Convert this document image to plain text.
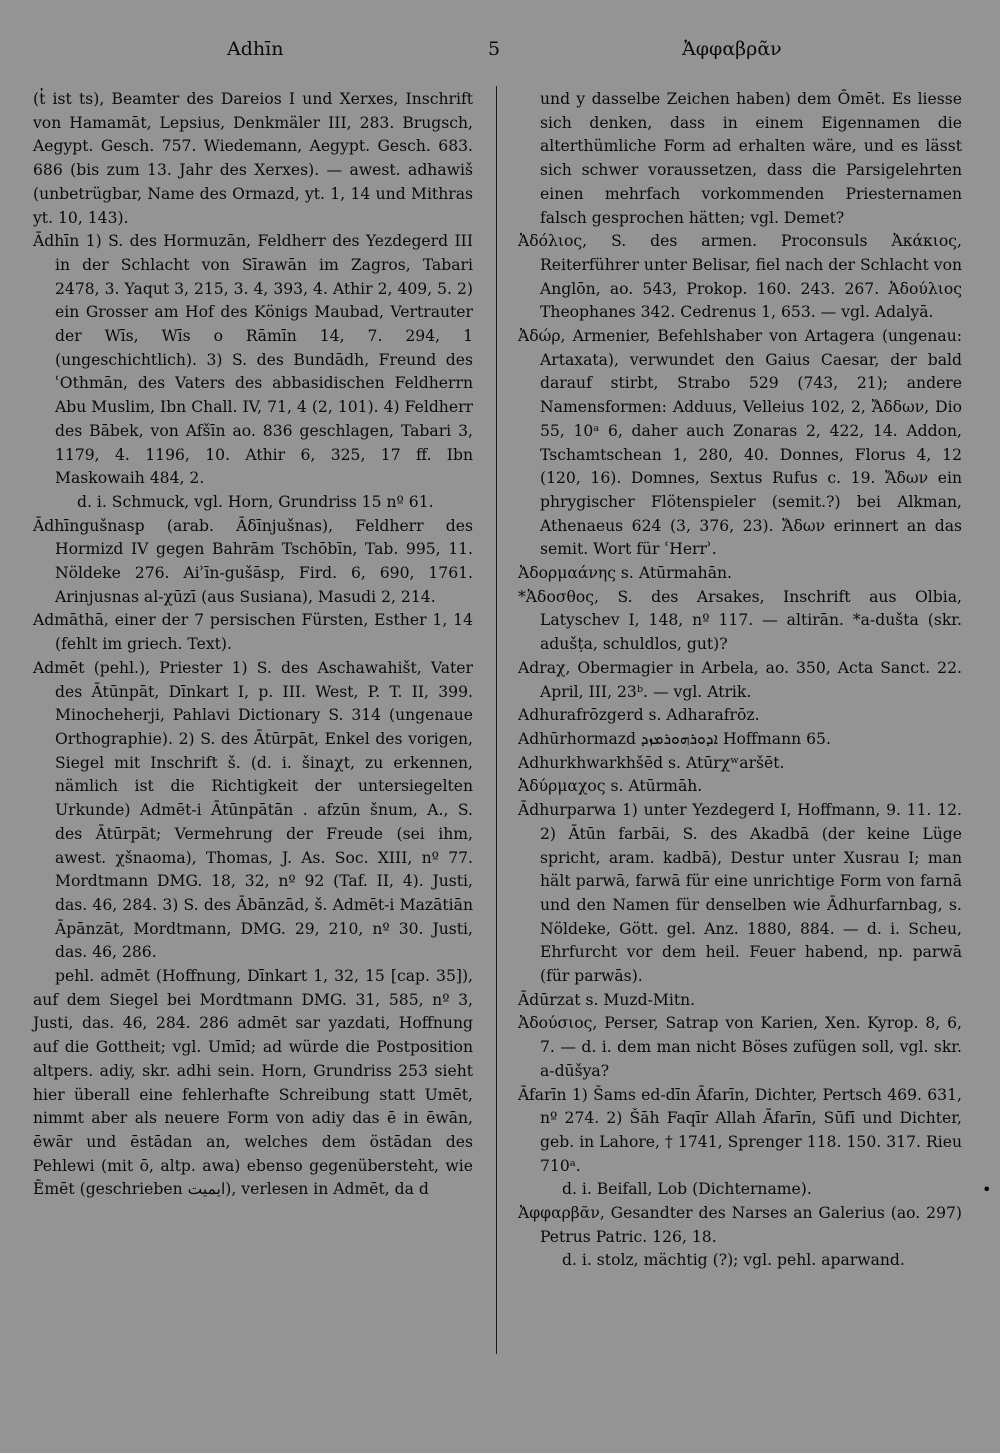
Adhīn	5	Ἀφφαβρᾶν

(t̓ ist ts), Beamter des Dareios I und Xerxes, Inschrift von Hamamāt, Lepsius, Denkmäler III, 283. Brugsch, Aegypt. Gesch. 757. Wiedemann, Aegypt. Gesch. 683. 686 (bis zum 13. Jahr des Xerxes). — awest. adhawiš (unbetrügbar, Name des Ormazd, yt. 1, 14 und Mithras yt. 10, 143).

Ādhīn 1) S. des Hormuzān, Feldherr des Yezdegerd III in der Schlacht von Sīrawān im Zagros, Tabari 2478, 3. Yaqut 3, 215, 3. 4, 393, 4. Athir 2, 409, 5. 2) ein Grosser am Hof des Königs Maubad, Vertrauter der Wīs, Wīs o Rāmīn 14, 7. 294, 1 (ungeschichtlich). 3) S. des Bundādh, Freund des ʿOthmān, des Vaters des abbasidischen Feldherrn Abu Muslim, Ibn Chall. IV, 71, 4 (2, 101). 4) Feldherr des Bābek, von Afšīn ao. 836 geschlagen, Tabari 3, 1179, 4. 1196, 10. Athir 6, 325, 17 ff. Ibn Maskowaih 484, 2.

d. i. Schmuck, vgl. Horn, Grundriss 15 nº 61.

Ādhīngušnasp (arab. Āδīnjušnas), Feldherr des Hormizd IV gegen Bahrām Tschōbīn, Tab. 995, 11. Nöldeke 276. Aiʾīn-gušāsp, Fird. 6, 690, 1761. Arinjusnas al-χūzī (aus Susiana), Masudi 2, 214.

Admāthā, einer der 7 persischen Fürsten, Esther 1, 14 (fehlt im griech. Text).

Admēt (pehl.), Priester 1) S. des Aschawahišt, Vater des Ātūnpāt, Dīnkart I, p. III. West, P. T. II, 399. Minocheherji, Pahlavi Dictionary S. 314 (ungenaue Orthographie). 2) S. des Ātūrpāt, Enkel des vorigen, Siegel mit Inschrift š. (d. i. šinaχt, zu erkennen, nämlich ist die Richtigkeit der untersiegelten Urkunde) Admēt-i Ātūnpātān . afzūn šnum, A., S. des Ātūrpāt; Vermehrung der Freude (sei ihm, awest. χšnaoma), Thomas, J. As. Soc. XIII, nº 77. Mordtmann DMG. 18, 32, nº 92 (Taf. II, 4). Justi, das. 46, 284. 3) S. des Ābānzād, š. Admēt-i Mazātiān Āpānzāt, Mordtmann, DMG. 29, 210, nº 30. Justi, das. 46, 286.

pehl. admēt (Hoffnung, Dīnkart 1, 32, 15 [cap. 35]), auf dem Siegel bei Mordtmann DMG. 31, 585, nº 3, Justi, das. 46, 284. 286 admēt sar yazdati, Hoffnung auf die Gottheit; vgl. Umīd; ad würde die Postposition altpers. adiy, skr. adhi sein. Horn, Grundriss 253 sieht hier überall eine fehlerhafte Schreibung statt Umēt, nimmt aber als neuere Form von adiy das ē in ēwān, ēwār und ēstādan an, welches dem östādan des Pehlewi (mit ō, altp. awa) ebenso gegenübersteht, wie Ēmēt (geschrieben ایمیت), verlesen in Admēt, da d

und y dasselbe Zeichen haben) dem Ōmēt. Es liesse sich denken, dass in einem Eigennamen die alterthümliche Form ad erhalten wäre, und es lässt sich schwer voraussetzen, dass die Parsigelehrten einen mehrfach vorkommenden Priesternamen falsch gesprochen hätten; vgl. Demet?

Ἀδόλιος, S. des armen. Proconsuls Ἀκάκιος, Reiterführer unter Belisar, fiel nach der Schlacht von Anglōn, ao. 543, Prokop. 160. 243. 267. Ἀδούλιος Theophanes 342. Cedrenus 1, 653. — vgl. Adalyā.

Ἀδώρ, Armenier, Befehlshaber von Artagera (ungenau: Artaxata), verwundet den Gaius Caesar, der bald darauf stirbt, Strabo 529 (743, 21); andere Namensformen: Adduus, Velleius 102, 2, Ἄδδων, Dio 55, 10ᵃ 6, daher auch Zonaras 2, 422, 14. Addon, Tschamtschean 1, 280, 40. Donnes, Florus 4, 12 (120, 16). Domnes, Sextus Rufus c. 19. Ἄδων ein phrygischer Flötenspieler (semit.?) bei Alkman, Athenaeus 624 (3, 376, 23). Ἄδων erinnert an das semit. Wort für ʿHerrʾ.

Ἀδορμαάνης s. Atūrmahān.

*Ἀδοσθος, S. des Arsakes, Inschrift aus Olbia, Latyschev I, 148, nº 117. — altirān. *a-dušta (skr. adušṭa, schuldlos, gut)?

Adraχ, Obermagier in Arbela, ao. 350, Acta Sanct. 22. April, III, 23ᵇ. — vgl. Atrik.

Adhurafrōzgerd s. Adharafrōz.

Adhūrhormazd ܐܕܘܪܗܘܪܡܙܕ Hoffmann 65.

Adhurkhwarkhšēd s. Atūrχʷaršēt.

Ἀδύρμαχος s. Atūrmāh.

Ādhurparwa 1) unter Yezdegerd I, Hoffmann, 9. 11. 12. 2) Ātūn farbāi, S. des Akadbā (der keine Lüge spricht, aram. kadbā), Destur unter Xusrau I; man hält parwā, farwā für eine unrichtige Form von farnā und den Namen für denselben wie Ādhurfarnbag, s. Nöldeke, Gött. gel. Anz. 1880, 884. — d. i. Scheu, Ehrfurcht vor dem heil. Feuer habend, np. parwā (für parwās).

Ādūrzat s. Muzd-Mitn.

Ἀδούσιος, Perser, Satrap von Karien, Xen. Kyrop. 8, 6, 7. — d. i. dem man nicht Böses zufügen soll, vgl. skr. a-dūšya?

Āfarīn 1) Šams ed-dīn Āfarīn, Dichter, Pertsch 469. 631, nº 274. 2) Šāh Faqīr Allah Āfarīn, Sūfī und Dichter, geb. in Lahore, † 1741, Sprenger 118. 150. 317. Rieu 710ᵃ.

d. i. Beifall, Lob (Dichtername).

Ἀφφαρβᾶν, Gesandter des Narses an Galerius (ao. 297) Petrus Patric. 126, 18.

d. i. stolz, mächtig (?); vgl. pehl. aparwand.

•
